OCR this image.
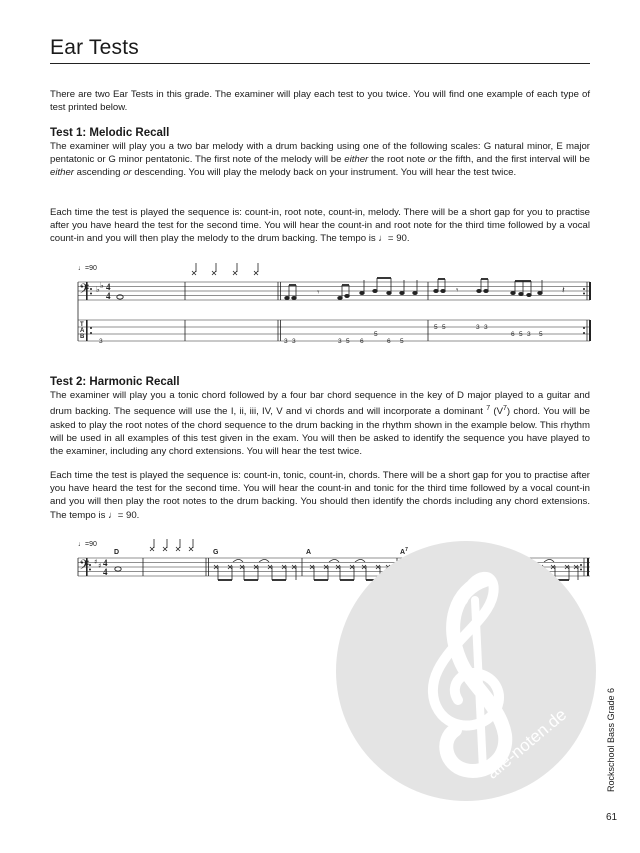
Ear Tests
There are two Ear Tests in this grade. The examiner will play each test to you twice. You will find one example of each type of test printed below.
Test 1: Melodic Recall
The examiner will play you a two bar melody with a drum backing using one of the following scales: G natural minor, E major pentatonic or G minor pentatonic. The first note of the melody will be either the root note or the fifth, and the first interval will be either ascending or descending. You will play the melody back on your instrument. You will hear the test twice.
Each time the test is played the sequence is: count-in, root note, count-in, melody. There will be a short gap for you to practise after you have heard the test for the second time. You will hear the count-in and root note for the third time followed by a vocal count-in and you will then play the melody to the drum backing. The tempo is ♩= 90.
Test 2: Harmonic Recall
The examiner will play you a tonic chord followed by a four bar chord sequence in the key of D major played to a guitar and drum backing. The sequence will use the I, ii, iii, IV, V and vi chords and will incorporate a dominant $^7$ $(V^7)$ chord. You will be asked to play the root notes of the chord sequence to the drum backing in the rhythm shown in the example below. This rhythm will be used in all examples of this test given in the exam. You will then be asked to identify the sequence you have played to the examiner, including any chord extensions. You will hear the test twice.
Each time the test is played the sequence is: count-in, tonic, count-in, chords. There will be a short gap for you to practise after you have heard the test for the second time. You will hear the count-in and tonic for the third time followed by a vocal count-in and you will then play the root notes to the drum backing. You should then identify the chords including any chord extensions. The tempo is ♩= 90.
𝄢 ♭ ♭ 4
4
♩=90
𝄾	𝄾	𝄽
T
A
B
3	3 3	3 5 6
5
6 5
5 5	3 3
6 5 3 5
𝄢 ♯ ♯ 4
4
♩=90
D	G	A	$A^7$
alle-noten.de	Rockschool Bass Grade 6
61
